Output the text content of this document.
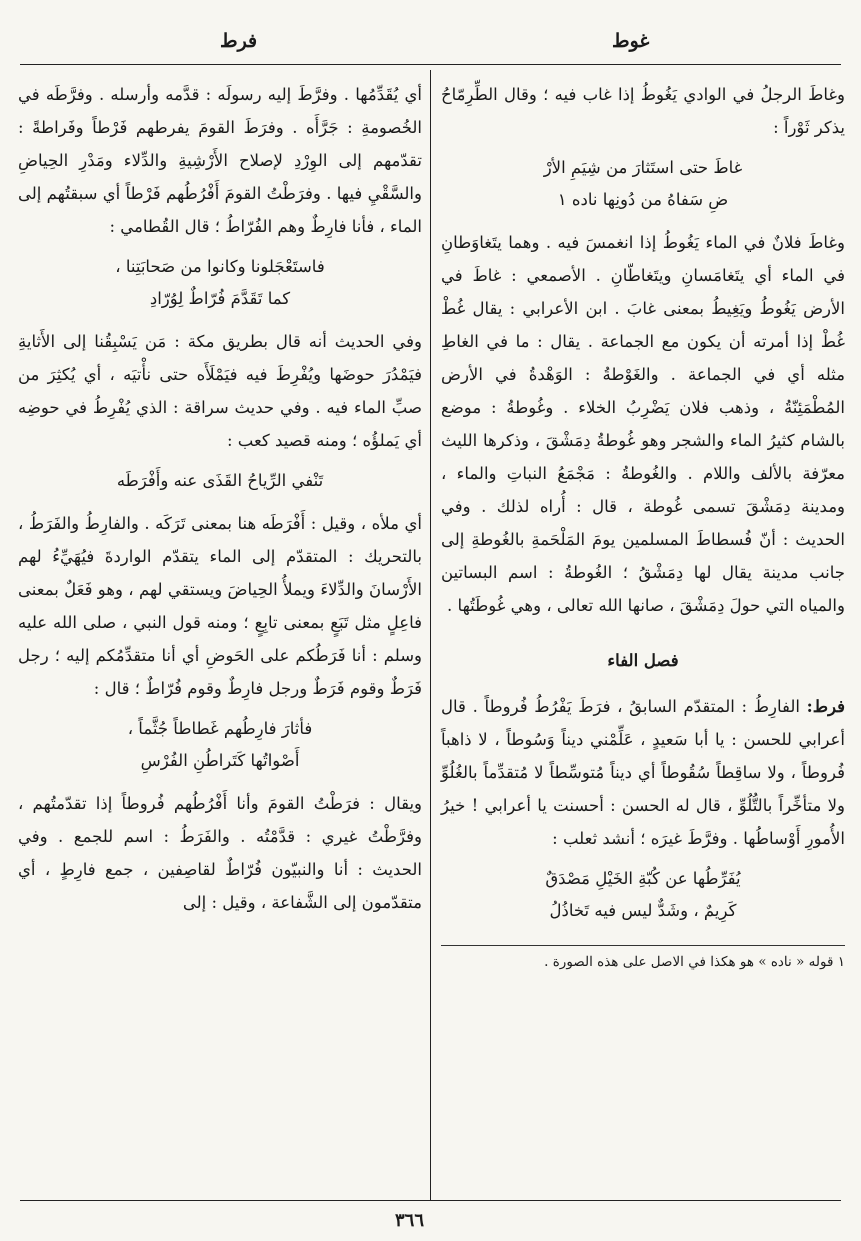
غوط
فرط

وغاطَ الرجلُ في الوادي يَغُوطُ إذا غاب فيه ؛ وقال الطِّرِمّاحُ يذكر ثَوْراً :

غاطَ حتى استَثارَ من شِيَمِ الأرْ
ضِ سَفاهُ من دُونِها ناده ١

وغاطَ فلانٌ في الماء يَغُوطُ إذا انغمسَ فيه . وهما يتَغاوَطانِ في الماء أي يتَغامَسانِ ويتَغاطّانِ . الأصمعي : غاطَ في الأرض يَغُوطُ ويَغِيطُ بمعنى غابَ . ابن الأعرابي : يقال غُطْ غُطْ إذا أمرته أن يكون مع الجماعة . يقال : ما في الغاطِ مثله أي في الجماعة . والغَوْطةُ : الوَهْدةُ في الأرض المُطْمَئِنّةُ ، وذهب فلان يَضْرِبُ الخلاء . وغُوطةُ : موضع بالشام كثيرُ الماء والشجر وهو غُوطةُ دِمَشْقَ ، وذكرها الليث معرّفة بالألف واللام . والغُوطةُ : مَجْمَعُ النباتِ والماء ، ومدينة دِمَشْقَ تسمى غُوطة ، قال : أُراه لذلك . وفي الحديث : أنّ فُسطاطَ المسلمين يومَ المَلْحَمةِ بالغُوطةِ إلى جانب مدينة يقال لها دِمَشْقُ ؛ الغُوطةُ : اسم البساتين والمياه التي حولَ دِمَشْقَ ، صانها الله تعالى ، وهي غُوطَتُها .

فصل الفاء

فرط: الفارِطُ : المتقدّم السابقُ ، فرَطَ يَفْرُطُ فُروطاً . قال أعرابي للحسن : يا أبا سَعيدٍ ، عَلِّمْني ديناً وَسُوطاً ، لا ذاهباً فُروطاً ، ولا ساقِطاً سُقُوطاً أي ديناً مُتوسِّطاً لا مُتقدِّماً بالغُلُوِّ ولا متأخِّراً بالتُّلُوِّ ، قال له الحسن : أحسنت يا أعرابي ! خيرُ الأُمورِ أَوْساطُها . وفرَّطَ غيرَه ؛ أنشد ثعلب :

يُفَرِّطُها عن كُبّةِ الخَيْلِ مَصْدَقٌ
كَرِيمٌ ، وشَدٌّ ليس فيه تَخاذُلُ
١ قوله « ناده » هو هكذا في الاصل على هذه الصورة .

أي يُقَدِّمُها . وفرَّطَ إليه رسولَه : قدَّمه وأرسله . وفرَّطَه في الخُصومةِ : جَرَّأَه . وفرَطَ القومَ يفرطهم فَرْطاً وفَراطةً : تقدّمهم إلى الوِرْدِ لإصلاح الأَرْشِيةِ والدِّلاء ومَدْرِ الحِياضِ والسَّقْيِ فيها . وفرَطْتُ القومَ أَفْرُطُهم فَرْطاً أي سبقتُهم إلى الماء ، فأنا فارِطٌ وهم الفُرّاطُ ؛ قال القُطامي :

فاستَعْجَلونا وكانوا من صَحابَتِنا ،
كما تَقَدَّمَ فُرّاطٌ لِوُرّادِ

وفي الحديث أنه قال بطريق مكة : مَن يَسْبِقُنا إلى الأَثايةِ فيَمْدُرَ حوضَها ويُفْرِطَ فيه فيَمْلَأَه حتى نأْتيَه ، أي يُكثِرَ من صبِّ الماء فيه . وفي حديث سراقة : الذي يُفْرِطُ في حوضِه أي يَملؤُه ؛ ومنه قصيد كعب :

تَنْفي الرِّياحُ القَذَى عنه وأَفْرَطَه

أي ملأه ، وقيل : أَفْرَطَه هنا بمعنى تَرَكَه . والفارِطُ والفَرَطُ ، بالتحريك : المتقدّم إلى الماء يتقدّم الواردةَ فيُهَيِّءُ لهم الأَرْسانَ والدِّلاءَ ويملأُ الحِياضَ ويستقي لهم ، وهو فَعَلٌ بمعنى فاعِلٍ مثل تَبَعٍ بمعنى تابِعٍ ؛ ومنه قول النبي ، صلى الله عليه وسلم : أنا فَرَطُكم على الحَوضِ أي أنا متقدِّمُكم إليه ؛ رجل فَرَطٌ وقوم فَرَطٌ ورجل فارِطٌ وقوم فُرّاطٌ ؛ قال :

فأثارَ فارِطُهم غَطاطاً جُثَّماً ،
أَصْواتُها كَتَراطُنِ الفُرْسِ

ويقال : فرَطْتُ القومَ وأنا أَفْرُطُهم فُروطاً إذا تقدّمتُهم ، وفرَّطْتُ غيري : قدَّمْتُه . والفَرَطُ : اسم للجمع . وفي الحديث : أنا والنبيّون فُرّاطٌ لقاصِفين ، جمع فارِطٍ ، أي متقدّمون إلى الشَّفاعة ، وقيل : إلى

٣٦٦
